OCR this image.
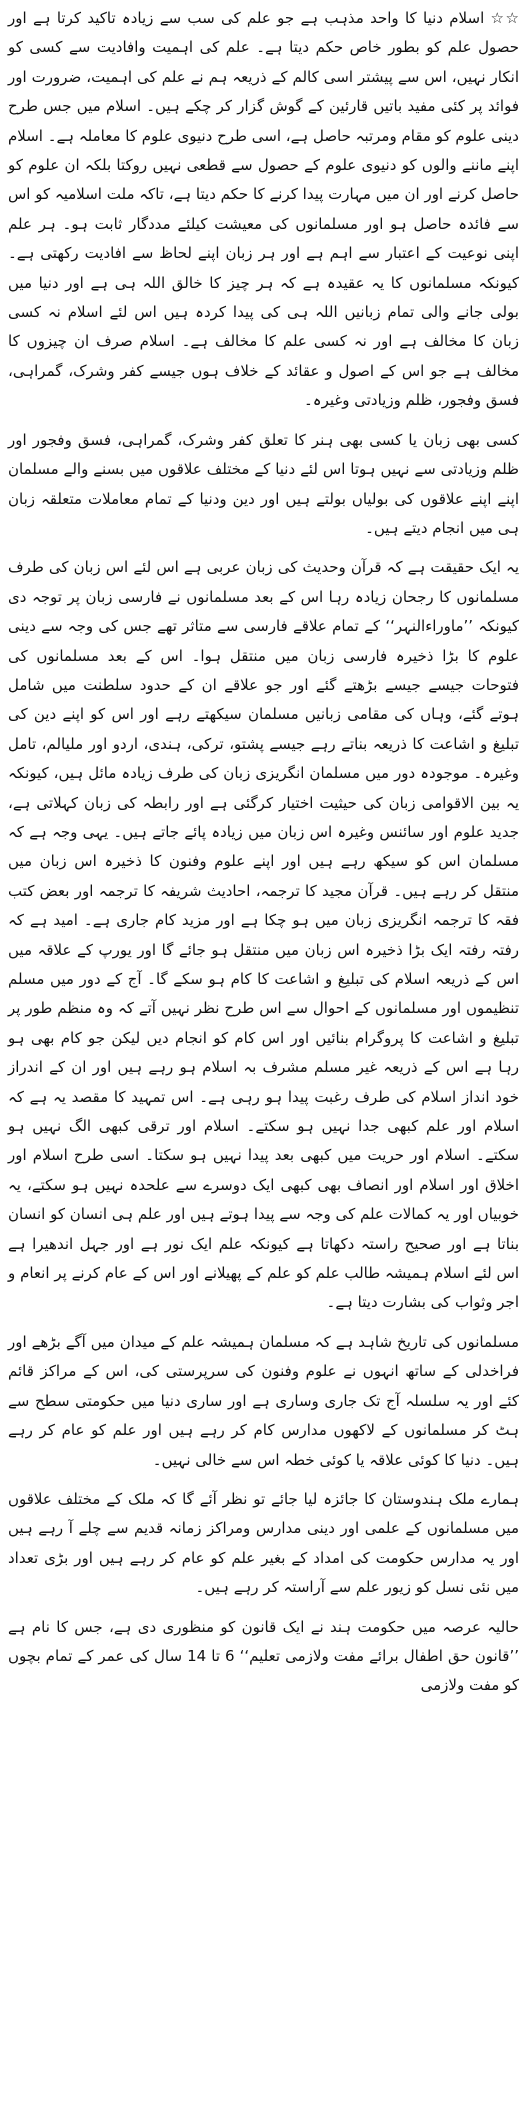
☆☆ اسلام دنیا کا واحد مذہب ہے جو علم کی سب سے زیادہ تاکید کرتا ہے اور حصول علم کو بطور خاص حکم دیتا ہے۔ علم کی اہمیت وافادیت سے کسی کو انکار نہیں، اس سے پیشتر اسی کالم کے ذریعہ ہم نے علم کی اہمیت، ضرورت اور فوائد پر کئی مفید باتیں قارئین کے گوش گزار کر چکے ہیں۔ اسلام میں جس طرح دینی علوم کو مقام ومرتبہ حاصل ہے، اسی طرح دنیوی علوم کا معاملہ ہے۔ اسلام اپنے ماننے والوں کو دنیوی علوم کے حصول سے قطعی نہیں روکتا بلکہ ان علوم کو حاصل کرنے اور ان میں مہارت پیدا کرنے کا حکم دیتا ہے، تاکہ ملت اسلامیہ کو اس سے فائدہ حاصل ہو اور مسلمانوں کی معیشت کیلئے مددگار ثابت ہو۔ ہر علم اپنی نوعیت کے اعتبار سے اہم ہے اور ہر زبان اپنے لحاظ سے افادیت رکھتی ہے۔ کیونکہ مسلمانوں کا یہ عقیدہ ہے کہ ہر چیز کا خالق اللہ ہی ہے اور دنیا میں بولی جانے والی تمام زبانیں اللہ ہی کی پیدا کردہ ہیں اس لئے اسلام نہ کسی زبان کا مخالف ہے اور نہ کسی علم کا مخالف ہے۔ اسلام صرف ان چیزوں کا مخالف ہے جو اس کے اصول و عقائد کے خلاف ہوں جیسے کفر وشرک، گمراہی، فسق وفجور، ظلم وزیادتی وغیرہ۔

کسی بھی زبان یا کسی بھی ہنر کا تعلق کفر وشرک، گمراہی، فسق وفجور اور ظلم وزیادتی سے نہیں ہوتا اس لئے دنیا کے مختلف علاقوں میں بسنے والے مسلمان اپنے اپنے علاقوں کی بولیاں بولتے ہیں اور دین ودنیا کے تمام معاملات متعلقہ زبان ہی میں انجام دیتے ہیں۔

یہ ایک حقیقت ہے کہ قرآن وحدیث کی زبان عربی ہے اس لئے اس زبان کی طرف مسلمانوں کا رجحان زیادہ رہا اس کے بعد مسلمانوں نے فارسی زبان پر توجہ دی کیونکہ ’’ماوراءالنہر‘‘ کے تمام علاقے فارسی سے متاثر تھے جس کی وجہ سے دینی علوم کا بڑا ذخیرہ فارسی زبان میں منتقل ہوا۔ اس کے بعد مسلمانوں کی فتوحات جیسے جیسے بڑھتے گئے اور جو علاقے ان کے حدود سلطنت میں شامل ہوتے گئے، وہاں کی مقامی زبانیں مسلمان سیکھتے رہے اور اس کو اپنے دین کی تبلیغ و اشاعت کا ذریعہ بناتے رہے جیسے پشتو، ترکی، ہندی، اردو اور ملیالم، تامل وغیرہ۔ موجودہ دور میں مسلمان انگریزی زبان کی طرف زیادہ مائل ہیں، کیونکہ یہ بین الاقوامی زبان کی حیثیت اختیار کرگئی ہے اور رابطہ کی زبان کہلاتی ہے، جدید علوم اور سائنس وغیرہ اس زبان میں زیادہ پائے جاتے ہیں۔ یہی وجہ ہے کہ مسلمان اس کو سیکھ رہے ہیں اور اپنے علوم وفنون کا ذخیرہ اس زبان میں منتقل کر رہے ہیں۔ قرآن مجید کا ترجمہ، احادیث شریفہ کا ترجمہ اور بعض کتب فقہ کا ترجمہ انگریزی زبان میں ہو چکا ہے اور مزید کام جاری ہے۔ امید ہے کہ رفتہ رفتہ ایک بڑا ذخیرہ اس زبان میں منتقل ہو جائے گا اور یورپ کے علاقہ میں اس کے ذریعہ اسلام کی تبلیغ و اشاعت کا کام ہو سکے گا۔ آج کے دور میں مسلم تنظیموں اور مسلمانوں کے احوال سے اس طرح نظر نہیں آتے کہ وہ منظم طور پر تبلیغ و اشاعت کا پروگرام بنائیں اور اس کام کو انجام دیں لیکن جو کام بھی ہو رہا ہے اس کے ذریعہ غیر مسلم مشرف بہ اسلام ہو رہے ہیں اور ان کے اندراز خود انداز اسلام کی طرف رغبت پیدا ہو رہی ہے۔ اس تمہید کا مقصد یہ ہے کہ اسلام اور علم کبھی جدا نہیں ہو سکتے۔ اسلام اور ترقی کبھی الگ نہیں ہو سکتے۔ اسلام اور حریت میں کبھی بعد پیدا نہیں ہو سکتا۔ اسی طرح اسلام اور اخلاق اور اسلام اور انصاف بھی کبھی ایک دوسرے سے علحدہ نہیں ہو سکتے، یہ خوبیاں اور یہ کمالات علم کی وجہ سے پیدا ہوتے ہیں اور علم ہی انسان کو انسان بناتا ہے اور صحیح راستہ دکھاتا ہے کیونکہ علم ایک نور ہے اور جہل اندھیرا ہے اس لئے اسلام ہمیشہ طالب علم کو علم کے پھیلانے اور اس کے عام کرنے پر انعام و اجر وثواب کی بشارت دیتا ہے۔

مسلمانوں کی تاریخ شاہد ہے کہ مسلمان ہمیشہ علم کے میدان میں آگے بڑھے اور فراخدلی کے ساتھ انہوں نے علوم وفنون کی سرپرستی کی، اس کے مراکز قائم کئے اور یہ سلسلہ آج تک جاری وساری ہے اور ساری دنیا میں حکومتی سطح سے ہٹ کر مسلمانوں کے لاکھوں مدارس کام کر رہے ہیں اور علم کو عام کر رہے ہیں۔ دنیا کا کوئی علاقہ یا کوئی خطہ اس سے خالی نہیں۔

ہمارے ملک ہندوستان کا جائزہ لیا جائے تو نظر آئے گا کہ ملک کے مختلف علاقوں میں مسلمانوں کے علمی اور دینی مدارس ومراکز زمانہ قدیم سے چلے آ رہے ہیں اور یہ مدارس حکومت کی امداد کے بغیر علم کو عام کر رہے ہیں اور بڑی تعداد میں نئی نسل کو زیور علم سے آراستہ کر رہے ہیں۔

حالیہ عرصہ میں حکومت ہند نے ایک قانون کو منظوری دی ہے، جس کا نام ہے ’’قانون حق اطفال برائے مفت ولازمی تعلیم‘‘ 6 تا 14 سال کی عمر کے تمام بچوں کو مفت ولازمی
